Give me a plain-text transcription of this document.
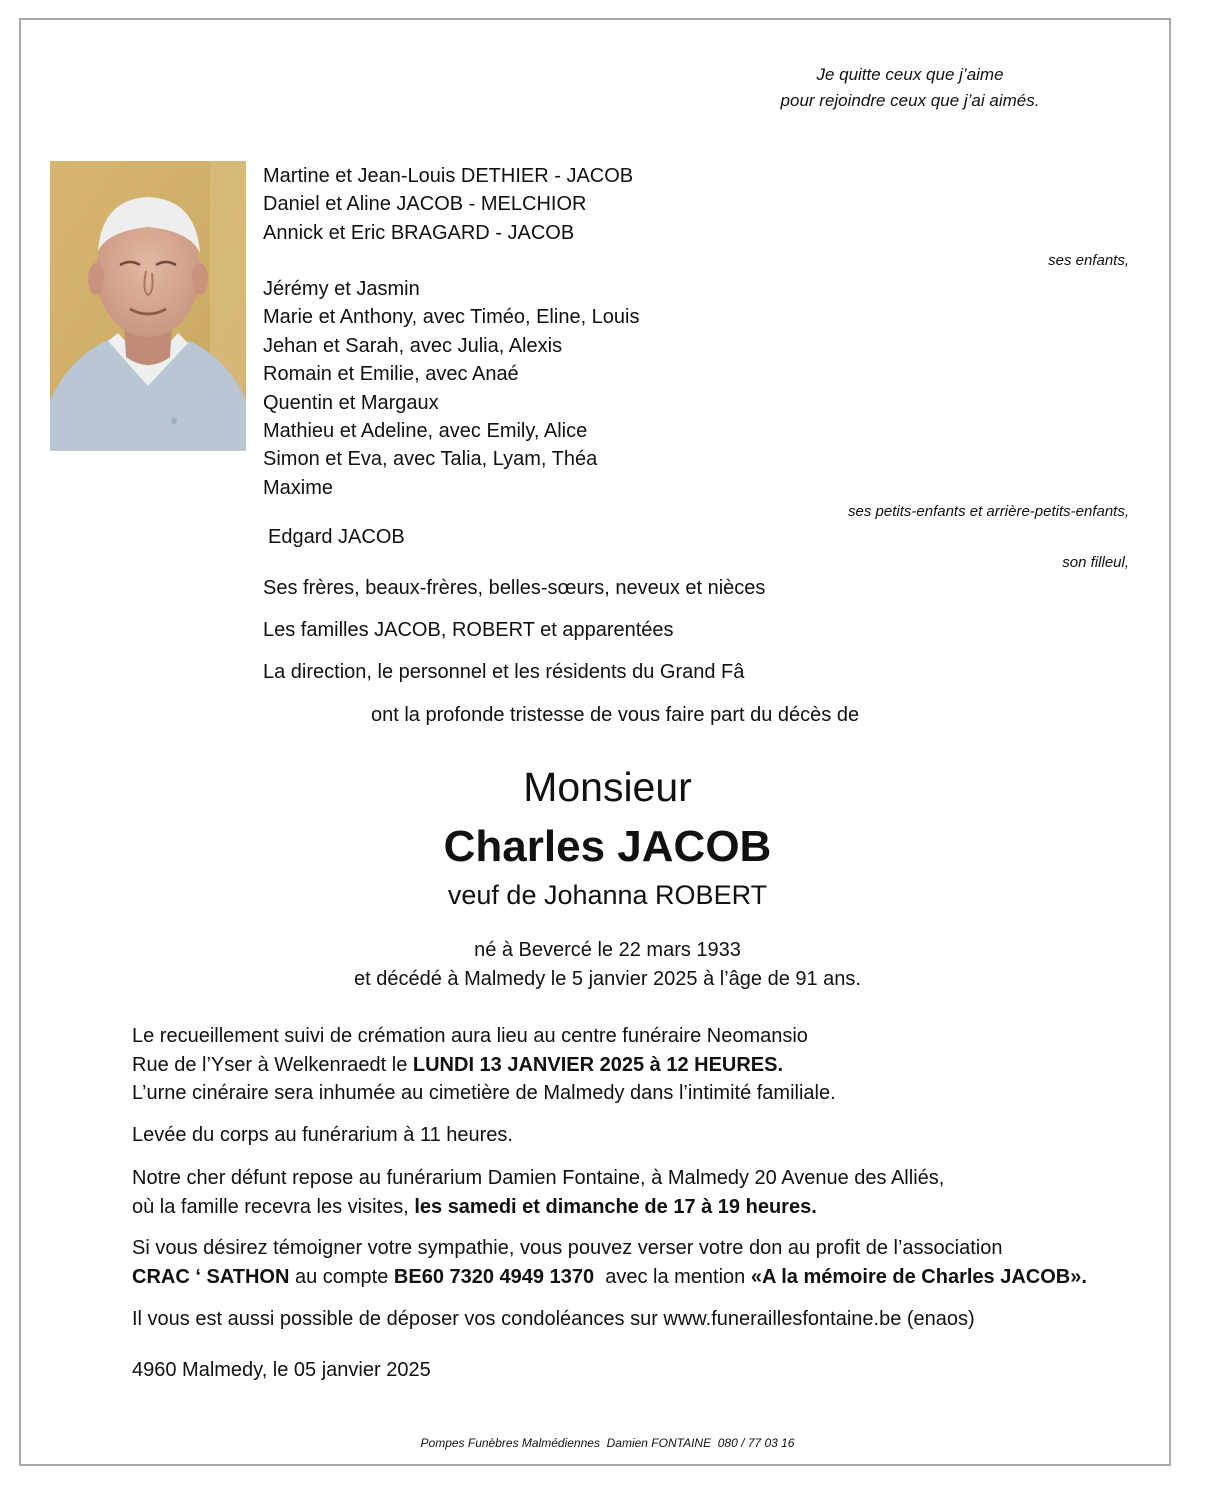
Je quitte ceux que j’aime
pour rejoindre ceux que j’ai aimés.
Martine et Jean-Louis DETHIER - JACOB
Daniel et Aline JACOB - MELCHIOR
Annick et Eric BRAGARD - JACOB
ses enfants,
Jérémy et Jasmin
Marie et Anthony, avec Timéo, Eline, Louis
Jehan et Sarah, avec Julia, Alexis
Romain et Emilie, avec Anaé
Quentin et Margaux
Mathieu et Adeline, avec Emily, Alice
Simon et Eva, avec Talia, Lyam, Théa
Maxime
ses petits-enfants et arrière-petits-enfants,
Edgard JACOB
son filleul,
Ses frères, beaux-frères, belles-sœurs, neveux et nièces
Les familles JACOB, ROBERT et apparentées
La direction, le personnel et les résidents du Grand Fâ
ont la profonde tristesse de vous faire part du décès de
Monsieur
Charles JACOB
veuf de Johanna ROBERT
né à Bevercé le 22 mars 1933
et décédé à Malmedy le 5 janvier 2025 à l’âge de 91 ans.
Le recueillement suivi de crémation aura lieu au centre funéraire Neomansio
Rue de l’Yser à Welkenraedt le LUNDI 13 JANVIER 2025 à 12 HEURES.
L’urne cinéraire sera inhumée au cimetière de Malmedy dans l’intimité familiale.
Levée du corps au funérarium à 11 heures.
Notre cher défunt repose au funérarium Damien Fontaine, à Malmedy 20 Avenue des Alliés,
où la famille recevra les visites, les samedi et dimanche de 17 à 19 heures.
Si vous désirez témoigner votre sympathie, vous pouvez verser votre don au profit de l’association
CRAC ‘ SATHON au compte BE60 7320 4949 1370  avec la mention «A la mémoire de Charles JACOB».
Il vous est aussi possible de déposer vos condoléances sur www.funeraillesfontaine.be (enaos)
4960 Malmedy, le 05 janvier 2025
Pompes Funèbres Malmédiennes  Damien FONTAINE  080 / 77 03 16
